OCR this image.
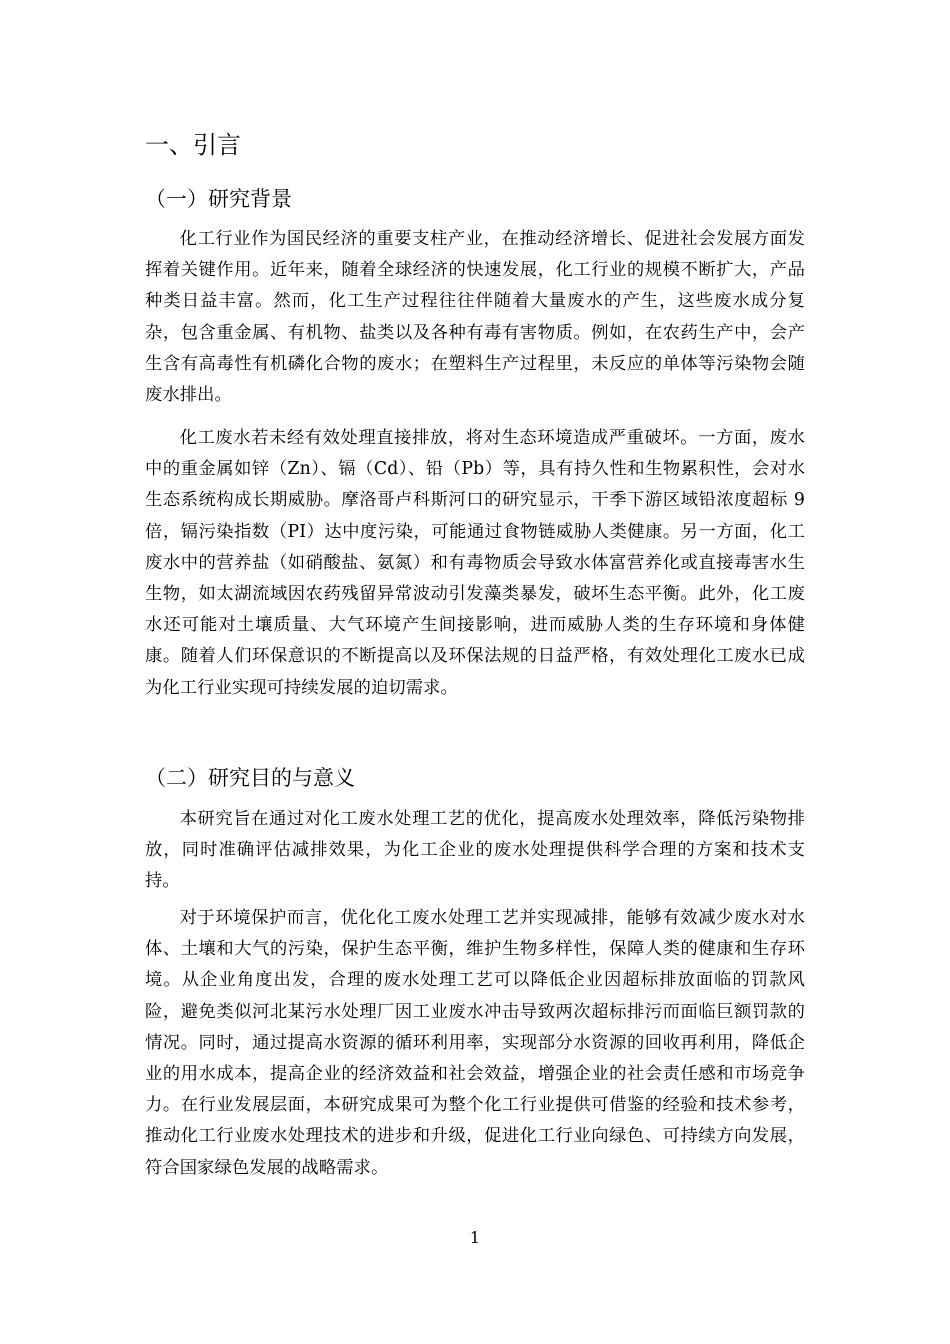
一、引言
（一）研究背景

化工行业作为国民经济的重要支柱产业，在推动经济增长、促进社会发展方面发挥着关键作用。近年来，随着全球经济的快速发展，化工行业的规模不断扩大，产品种类日益丰富。然而，化工生产过程往往伴随着大量废水的产生，这些废水成分复杂，包含重金属、有机物、盐类以及各种有毒有害物质。例如，在农药生产中，会产生含有高毒性有机磷化合物的废水；在塑料生产过程里，未反应的单体等污染物会随废水排出。

化工废水若未经有效处理直接排放，将对生态环境造成严重破坏。一方面，废水中的重金属如锌（Zn）、镉（Cd）、铅（Pb）等，具有持久性和生物累积性，会对水生态系统构成长期威胁。摩洛哥卢科斯河口的研究显示，干季下游区域铅浓度超标 9 倍，镉污染指数（PI）达中度污染，可能通过食物链威胁人类健康。另一方面，化工废水中的营养盐（如硝酸盐、氨氮）和有毒物质会导致水体富营养化或直接毒害水生生物，如太湖流域因农药残留异常波动引发藻类暴发，破坏生态平衡。此外，化工废水还可能对土壤质量、大气环境产生间接影响，进而威胁人类的生存环境和身体健康。随着人们环保意识的不断提高以及环保法规的日益严格，有效处理化工废水已成为化工行业实现可持续发展的迫切需求。

（二）研究目的与意义

本研究旨在通过对化工废水处理工艺的优化，提高废水处理效率，降低污染物排放，同时准确评估减排效果，为化工企业的废水处理提供科学合理的方案和技术支持。

对于环境保护而言，优化化工废水处理工艺并实现减排，能够有效减少废水对水体、土壤和大气的污染，保护生态平衡，维护生物多样性，保障人类的健康和生存环境。从企业角度出发，合理的废水处理工艺可以降低企业因超标排放面临的罚款风险，避免类似河北某污水处理厂因工业废水冲击导致两次超标排污而面临巨额罚款的情况。同时，通过提高水资源的循环利用率，实现部分水资源的回收再利用，降低企业的用水成本，提高企业的经济效益和社会效益，增强企业的社会责任感和市场竞争力。在行业发展层面，本研究成果可为整个化工行业提供可借鉴的经验和技术参考，推动化工行业废水处理技术的进步和升级，促进化工行业向绿色、可持续方向发展，符合国家绿色发展的战略需求。

1
